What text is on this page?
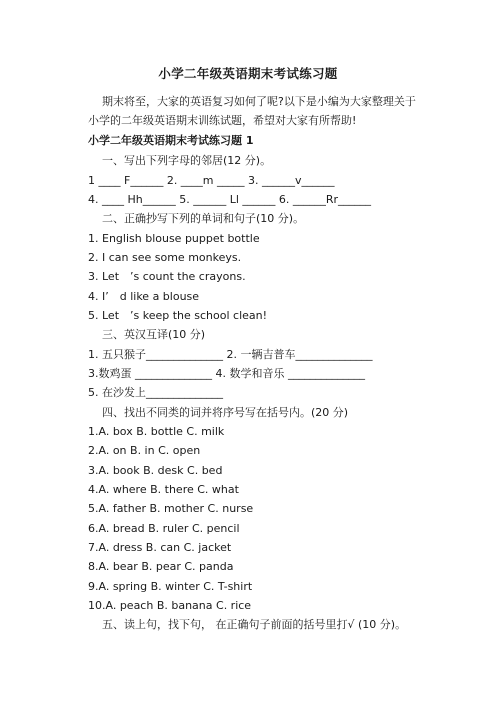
小学二年级英语期末考试练习题
期末将至，大家的英语复习如何了呢?以下是小编为大家整理关于
小学的二年级英语期末训练试题，希望对大家有所帮助!
小学二年级英语期末考试练习题 1
一、写出下列字母的邻居(12 分)。
1 ____ F______ 2. ____m _____ 3. ______v______
4. ____ Hh______ 5. ______ Ll ______ 6. ______Rr______
二、正确抄写下列的单词和句子(10 分)。
1. English blouse puppet bottle
2. I can see some monkeys.
3. Let　’s count the crayons.
4. I’　d like a blouse
5. Let　’s keep the school clean!
三、英汉互译(10 分)
1. 五只猴子______________ 2. 一辆吉普车______________
3.数鸡蛋 ______________ 4. 数学和音乐 ______________
5. 在沙发上______________
四、找出不同类的词并将序号写在括号内。(20 分)
1.A. box B. bottle C. milk
2.A. on B. in C. open
3.A. book B. desk C. bed
4.A. where B. there C. what
5.A. father B. mother C. nurse
6.A. bread B. ruler C. pencil
7.A. dress B. can C. jacket
8.A. bear B. pear C. panda
9.A. spring B. winter C. T-shirt
10.A. peach B. banana C. rice
五、读上句，找下句， 在正确句子前面的括号里打√ (10 分)。
